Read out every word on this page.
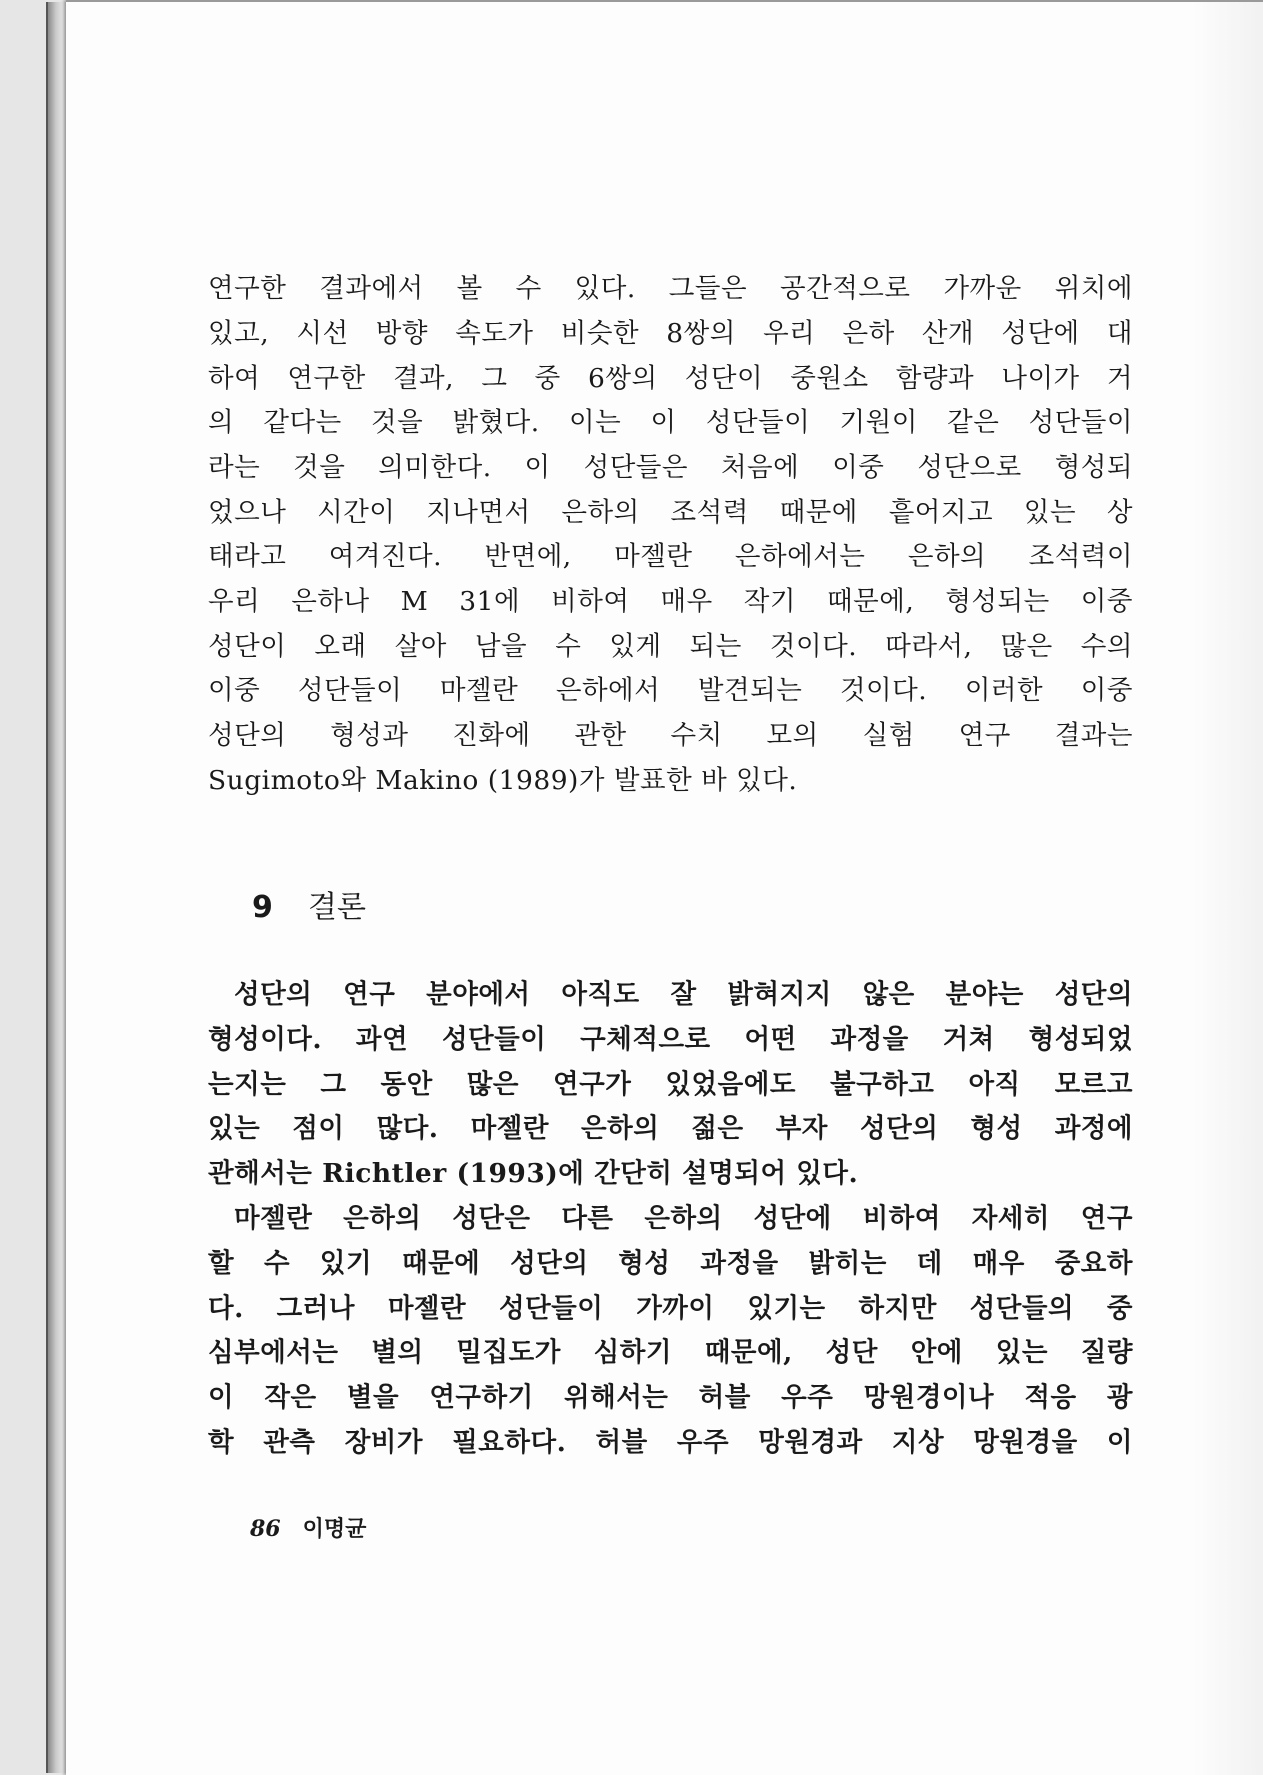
연구한 결과에서 볼 수 있다. 그들은 공간적으로 가까운 위치에
있고, 시선 방향 속도가 비슷한 8쌍의 우리 은하 산개 성단에 대
하여 연구한 결과, 그 중 6쌍의 성단이 중원소 함량과 나이가 거
의 같다는 것을 밝혔다. 이는 이 성단들이 기원이 같은 성단들이
라는 것을 의미한다. 이 성단들은 처음에 이중 성단으로 형성되
었으나 시간이 지나면서 은하의 조석력 때문에 흩어지고 있는 상
태라고 여겨진다. 반면에, 마젤란 은하에서는 은하의 조석력이
우리 은하나 M 31에 비하여 매우 작기 때문에, 형성되는 이중
성단이 오래 살아 남을 수 있게 되는 것이다. 따라서, 많은 수의
이중 성단들이 마젤란 은하에서 발견되는 것이다. 이러한 이중
성단의 형성과 진화에 관한 수치 모의 실험 연구 결과는
Sugimoto와 Makino (1989)가 발표한 바 있다.
9 결론
성단의 연구 분야에서 아직도 잘 밝혀지지 않은 분야는 성단의
형성이다. 과연 성단들이 구체적으로 어떤 과정을 거쳐 형성되었
는지는 그 동안 많은 연구가 있었음에도 불구하고 아직 모르고
있는 점이 많다. 마젤란 은하의 젊은 부자 성단의 형성 과정에
관해서는 Richtler (1993)에 간단히 설명되어 있다.
마젤란 은하의 성단은 다른 은하의 성단에 비하여 자세히 연구
할 수 있기 때문에 성단의 형성 과정을 밝히는 데 매우 중요하
다. 그러나 마젤란 성단들이 가까이 있기는 하지만 성단들의 중
심부에서는 별의 밀집도가 심하기 때문에, 성단 안에 있는 질량
이 작은 별을 연구하기 위해서는 허블 우주 망원경이나 적응 광
학 관측 장비가 필요하다. 허블 우주 망원경과 지상 망원경을 이
86 이명균
